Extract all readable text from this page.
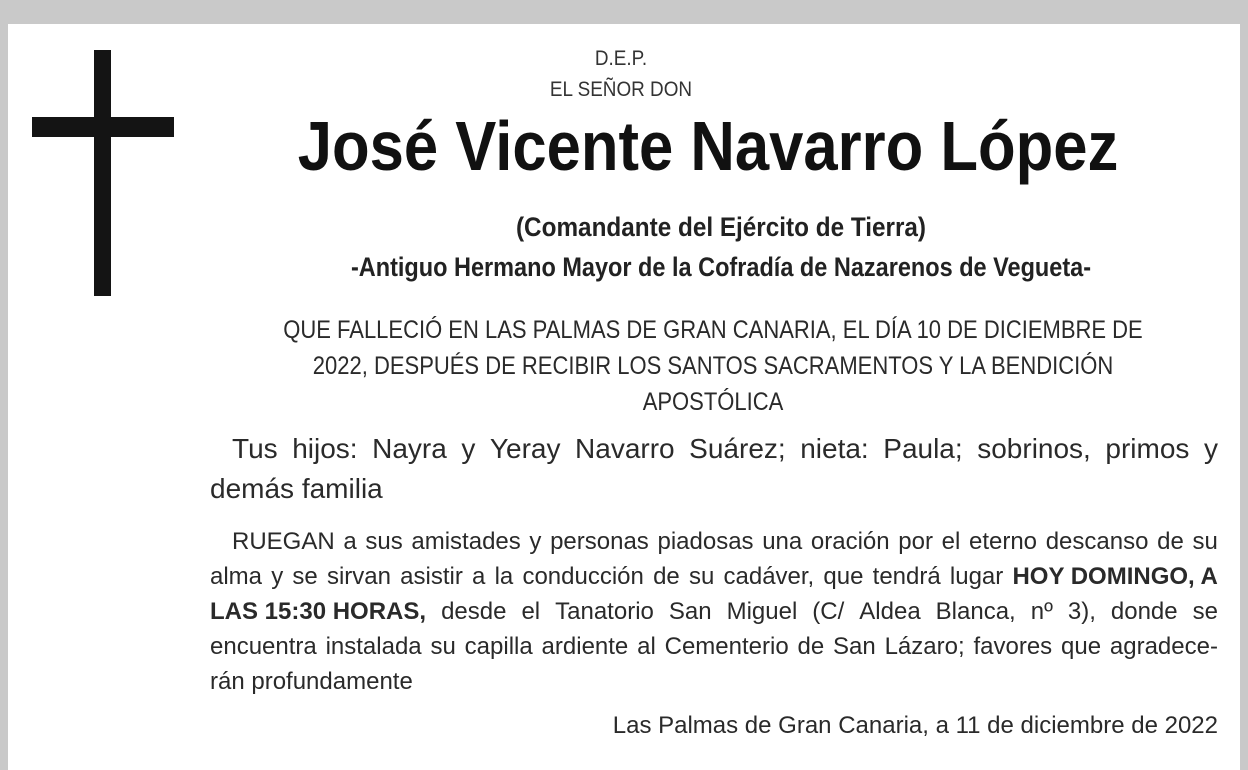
D.E.P.
EL SEÑOR DON
José Vicente Navarro López
(Comandante del Ejército de Tierra)
-Antiguo Hermano Mayor de la Cofradía de Nazarenos de Vegueta-
QUE FALLECIÓ EN LAS PALMAS DE GRAN CANARIA, EL DÍA 10 DE DICIEMBRE DE
2022, DESPUÉS DE RECIBIR LOS SANTOS SACRAMENTOS Y LA BENDICIÓN
APOSTÓLICA
Tus hijos: Nayra y Yeray Navarro Suárez; nieta: Paula; sobrinos, primos y
demás familia
RUEGAN a sus amistades y personas piadosas una oración por el eterno descanso de su
alma y se sirvan asistir a la conducción de su cadáver, que tendrá lugar HOY DOMINGO, A
LAS 15:30 HORAS, desde el Tanatorio San Miguel (C/ Aldea Blanca, nº 3), donde se
encuentra instalada su capilla ardiente al Cementerio de San Lázaro; favores que agradece-
rán profundamente
Las Palmas de Gran Canaria, a 11 de diciembre de 2022
